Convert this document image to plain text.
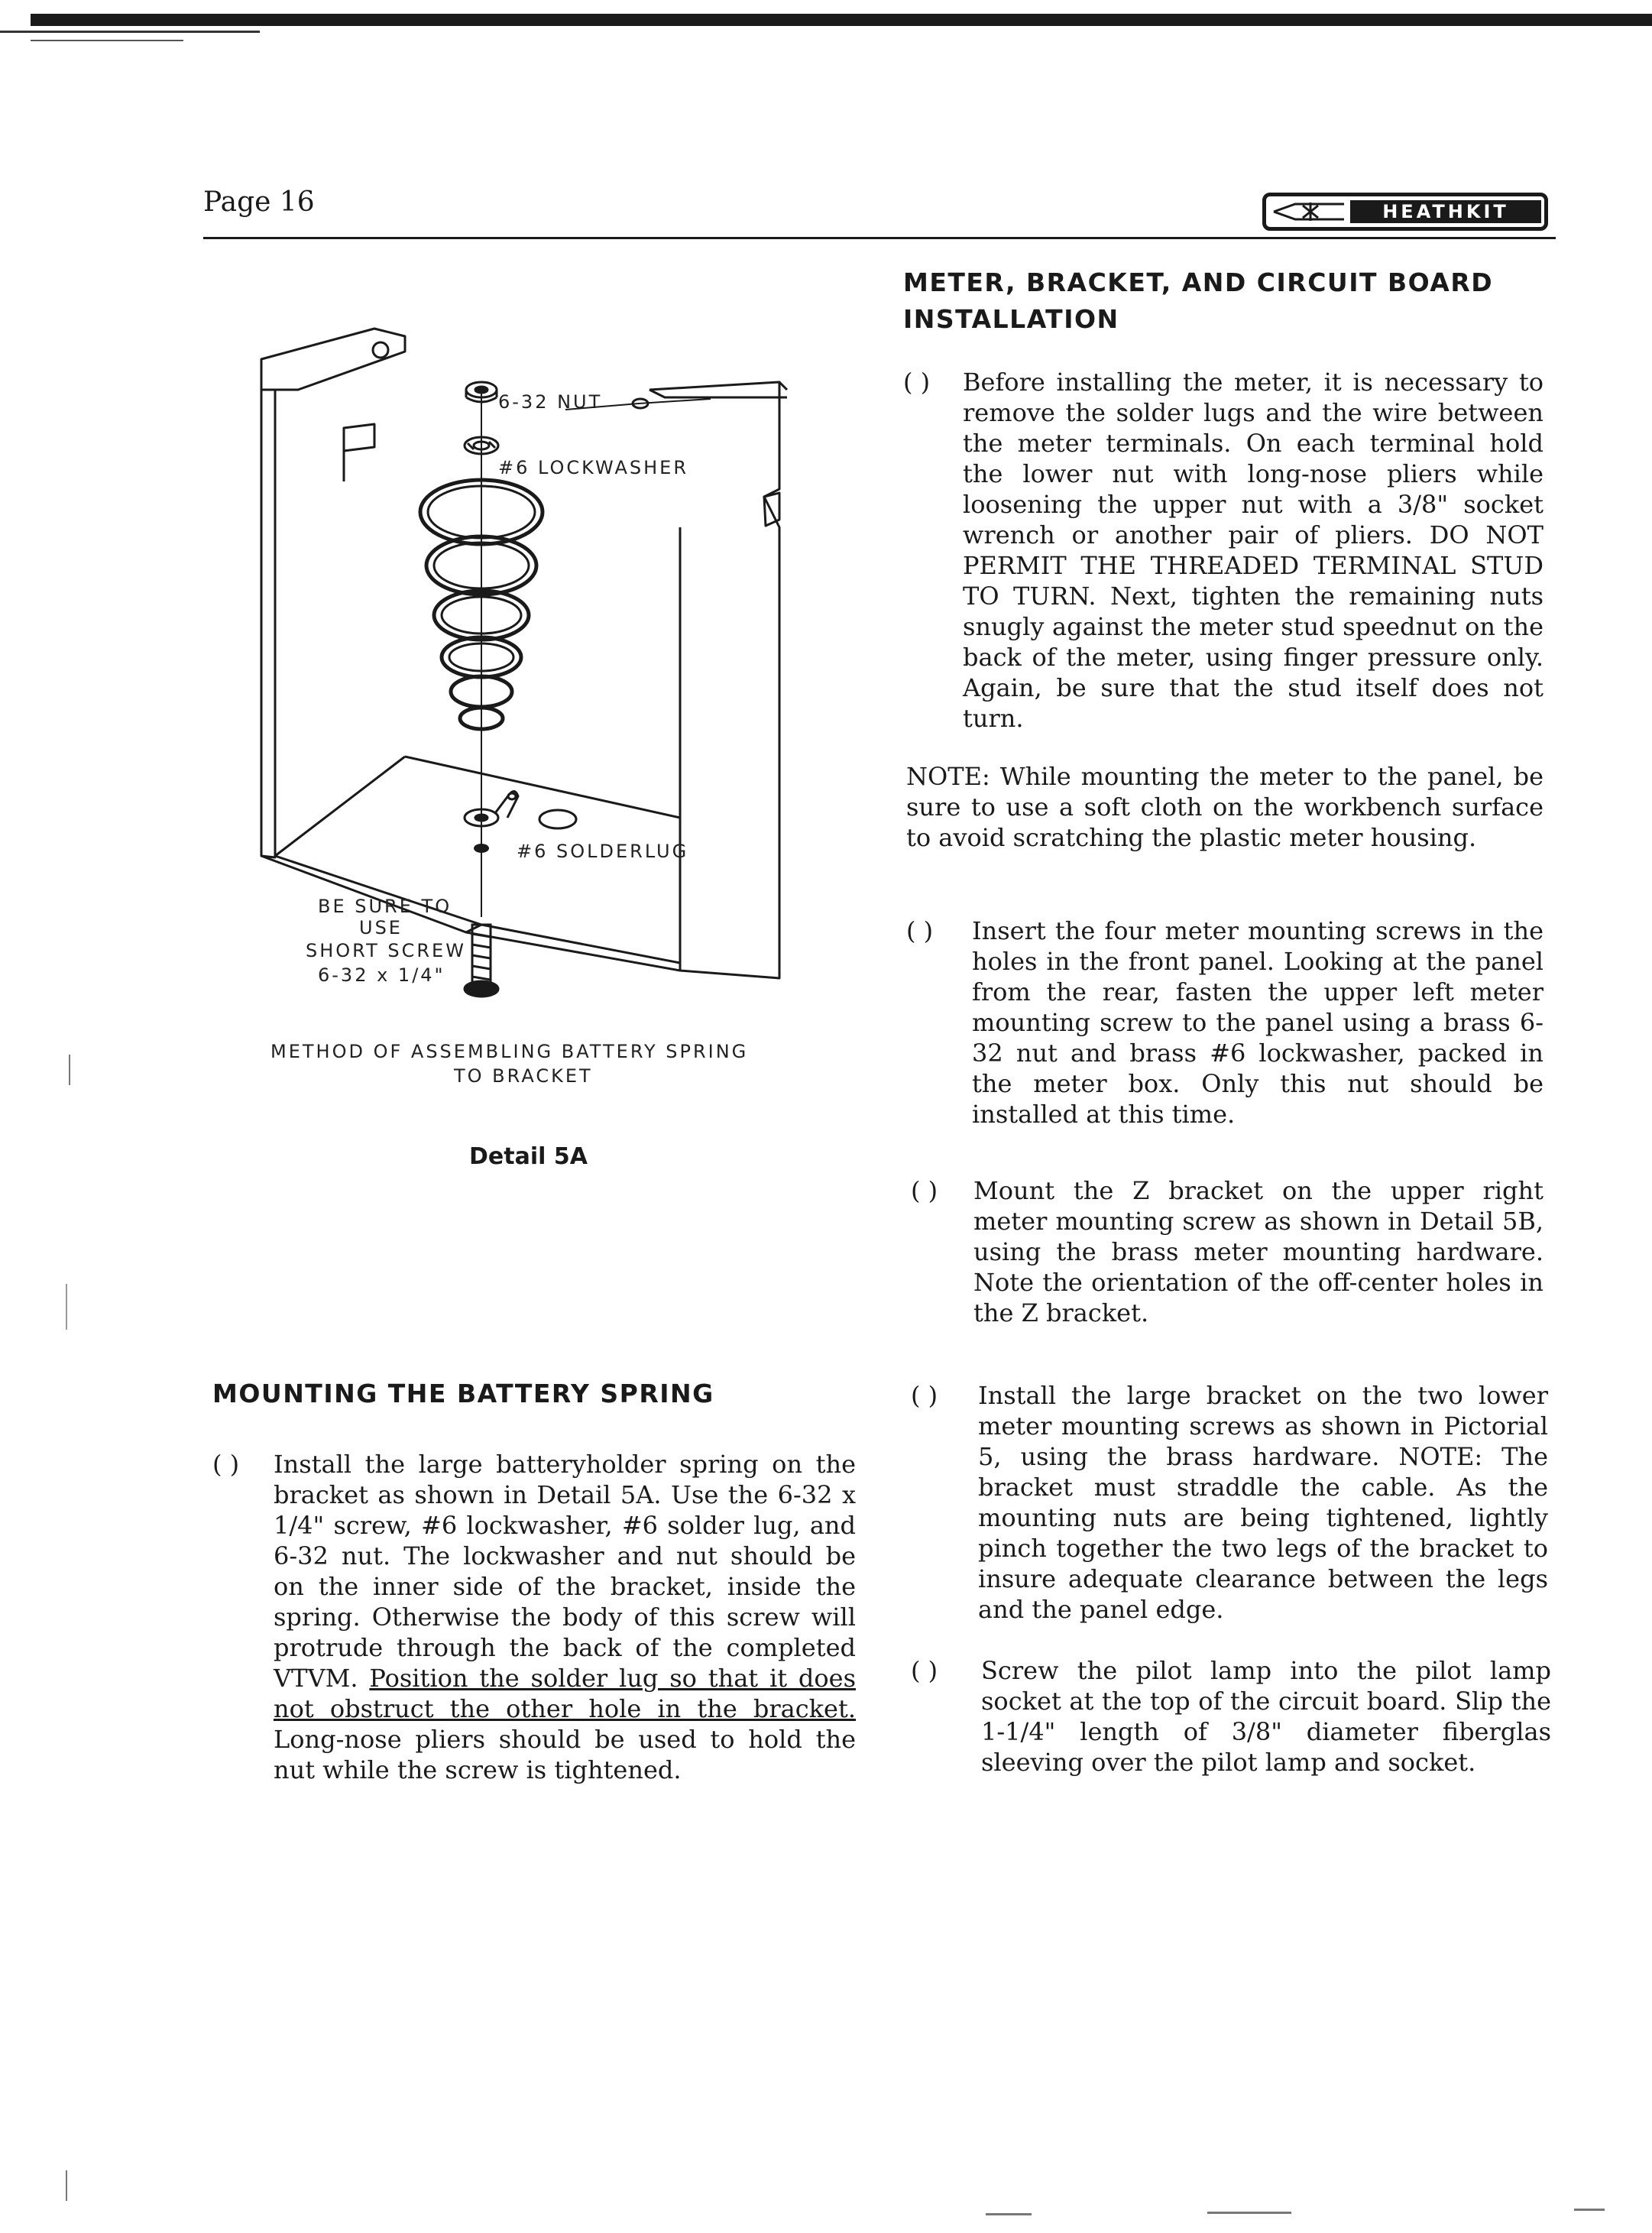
Page 16	HEATHKIT
6-32 NUT
#6 LOCKWASHER
#6 SOLDERLUG
BE SURE TO
USE
SHORT SCREW
6-32 x 1/4"
METHOD OF ASSEMBLING BATTERY SPRING
TO BRACKET
Detail 5A
MOUNTING THE BATTERY SPRING
( ) Install the large batteryholder spring on the bracket as shown in Detail 5A. Use the 6-32 x 1/4" screw, #6 lockwasher, #6 solder lug, and 6-32 nut. The lockwasher and nut should be on the inner side of the bracket, inside the spring. Otherwise the body of this screw will protrude through the back of the completed VTVM. Position the solder lug so that it does not obstruct the other hole in the bracket. Long-nose pliers should be used to hold the nut while the screw is tightened.
METER, BRACKET, AND CIRCUIT BOARD
INSTALLATION
( ) Before installing the meter, it is necessary to remove the solder lugs and the wire between the meter terminals. On each terminal hold the lower nut with long-nose pliers while loosening the upper nut with a 3/8" socket wrench or another pair of pliers. DO NOT PERMIT THE THREADED TERMINAL STUD TO TURN. Next, tighten the remaining nuts snugly against the meter stud speednut on the back of the meter, using finger pressure only. Again, be sure that the stud itself does not turn.
NOTE: While mounting the meter to the panel, be sure to use a soft cloth on the workbench surface to avoid scratching the plastic meter housing.
( ) Insert the four meter mounting screws in the holes in the front panel. Looking at the panel from the rear, fasten the upper left meter mounting screw to the panel using a brass 6-32 nut and brass #6 lockwasher, packed in the meter box. Only this nut should be installed at this time.
( ) Mount the Z bracket on the upper right meter mounting screw as shown in Detail 5B, using the brass meter mounting hardware. Note the orientation of the off-center holes in the Z bracket.
( ) Install the large bracket on the two lower meter mounting screws as shown in Pictorial 5, using the brass hardware. NOTE: The bracket must straddle the cable. As the mounting nuts are being tightened, lightly pinch together the two legs of the bracket to insure adequate clearance between the legs and the panel edge.
( ) Screw the pilot lamp into the pilot lamp socket at the top of the circuit board. Slip the 1-1/4" length of 3/8" diameter fiberglas sleeving over the pilot lamp and socket.
